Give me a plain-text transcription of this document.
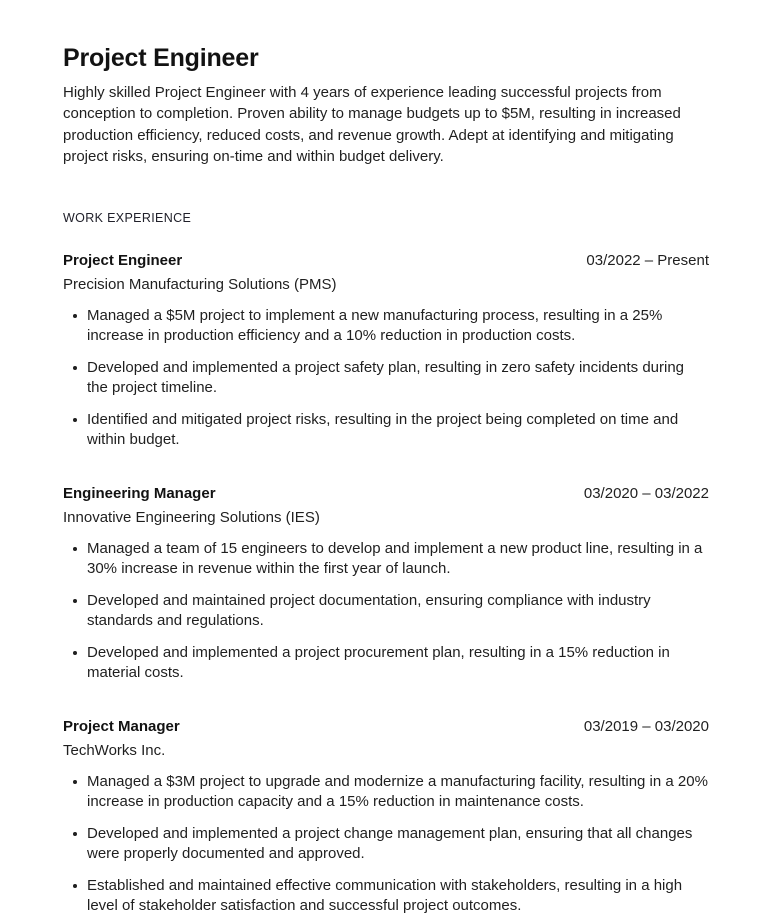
Project Engineer

Highly skilled Project Engineer with 4 years of experience leading successful projects from conception to completion. Proven ability to manage budgets up to $5M, resulting in increased production efficiency, reduced costs, and revenue growth. Adept at identifying and mitigating project risks, ensuring on-time and within budget delivery.

WORK EXPERIENCE
Project Engineer	03/2022 – Present
Precision Manufacturing Solutions (PMS)
Managed a $5M project to implement a new manufacturing process, resulting in a 25% increase in production efficiency and a 10% reduction in production costs.
Developed and implemented a project safety plan, resulting in zero safety incidents during the project timeline.
Identified and mitigated project risks, resulting in the project being completed on time and within budget.
Engineering Manager	03/2020 – 03/2022
Innovative Engineering Solutions (IES)
Managed a team of 15 engineers to develop and implement a new product line, resulting in a 30% increase in revenue within the first year of launch.
Developed and maintained project documentation, ensuring compliance with industry standards and regulations.
Developed and implemented a project procurement plan, resulting in a 15% reduction in material costs.
Project Manager	03/2019 – 03/2020
TechWorks Inc.
Managed a $3M project to upgrade and modernize a manufacturing facility, resulting in a 20% increase in production capacity and a 15% reduction in maintenance costs.
Developed and implemented a project change management plan, ensuring that all changes were properly documented and approved.
Established and maintained effective communication with stakeholders, resulting in a high level of stakeholder satisfaction and successful project outcomes.
